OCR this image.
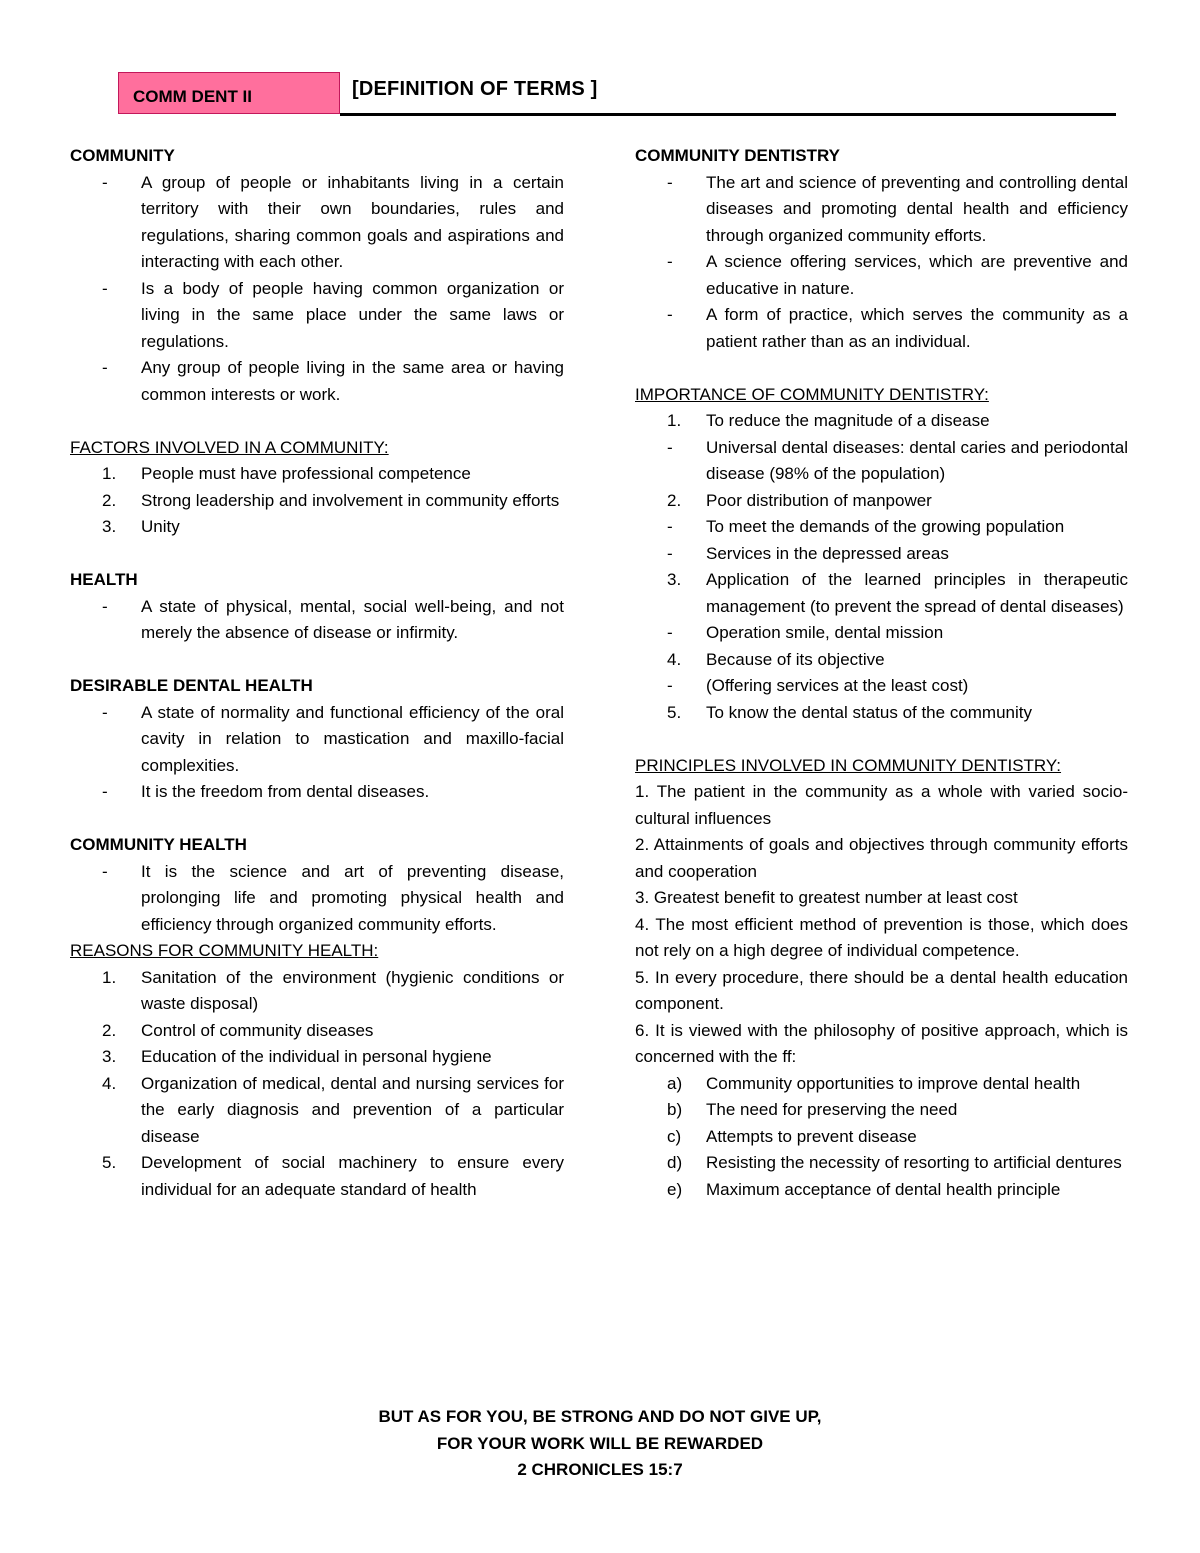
COMM DENT II	[DEFINITION OF TERMS ]
COMMUNITY
-	A group of people or inhabitants living in a certain territory with their own boundaries, rules and regulations, sharing common goals and aspirations and interacting with each other.
-	Is a body of people having common organization or living in the same place under the same laws or regulations.
-	Any group of people living in the same area or having common interests or work.
FACTORS INVOLVED IN A COMMUNITY:
1.	People must have professional competence
2.	Strong leadership and involvement in community efforts
3.	Unity
HEALTH
-	A state of physical, mental, social well-being, and not merely the absence of disease or infirmity.
DESIRABLE DENTAL HEALTH
-	A state of normality and functional efficiency of the oral cavity in relation to mastication and maxillo-facial complexities.
-	It is the freedom from dental diseases.
COMMUNITY HEALTH
-	It is the science and art of preventing disease, prolonging life and promoting physical health and efficiency through organized community efforts.
REASONS FOR COMMUNITY HEALTH:
1.	Sanitation of the environment (hygienic conditions or waste disposal)
2.	Control of community diseases
3.	Education of the individual in personal hygiene
4.	Organization of medical, dental and nursing services for the early diagnosis and prevention of a particular disease
5.	Development of social machinery to ensure every individual for an adequate standard of health
COMMUNITY DENTISTRY
-	The art and science of preventing and controlling dental diseases and promoting dental health and efficiency through organized community efforts.
-	A science offering services, which are preventive and educative in nature.
-	A form of practice, which serves the community as a patient rather than as an individual.
IMPORTANCE OF COMMUNITY DENTISTRY:
1.	To reduce the magnitude of a disease
-	Universal dental diseases: dental caries and periodontal disease (98% of the population)
2.	Poor distribution of manpower
-	To meet the demands of the growing population
-	Services in the depressed areas
3.	Application of the learned principles in therapeutic management (to prevent the spread of dental diseases)
-	Operation smile, dental mission
4.	Because of its objective
-	(Offering services at the least cost)
5.	To know the dental status of the community
PRINCIPLES INVOLVED IN COMMUNITY DENTISTRY:
1. The patient in the community as a whole with varied socio-cultural influences
2. Attainments of goals and objectives through community efforts and cooperation
3. Greatest benefit to greatest number at least cost
4. The most efficient method of prevention is those, which does not rely on a high degree of individual competence.
5. In every procedure, there should be a dental health education component.
6. It is viewed with the philosophy of positive approach, which is concerned with the ff:
a)	Community opportunities to improve dental health
b)	The need for preserving the need
c)	Attempts to prevent disease
d)	Resisting the necessity of resorting to artificial dentures
e)	Maximum acceptance of dental health principle
BUT AS FOR YOU, BE STRONG AND DO NOT GIVE UP,
FOR YOUR WORK WILL BE REWARDED
2 CHRONICLES 15:7
